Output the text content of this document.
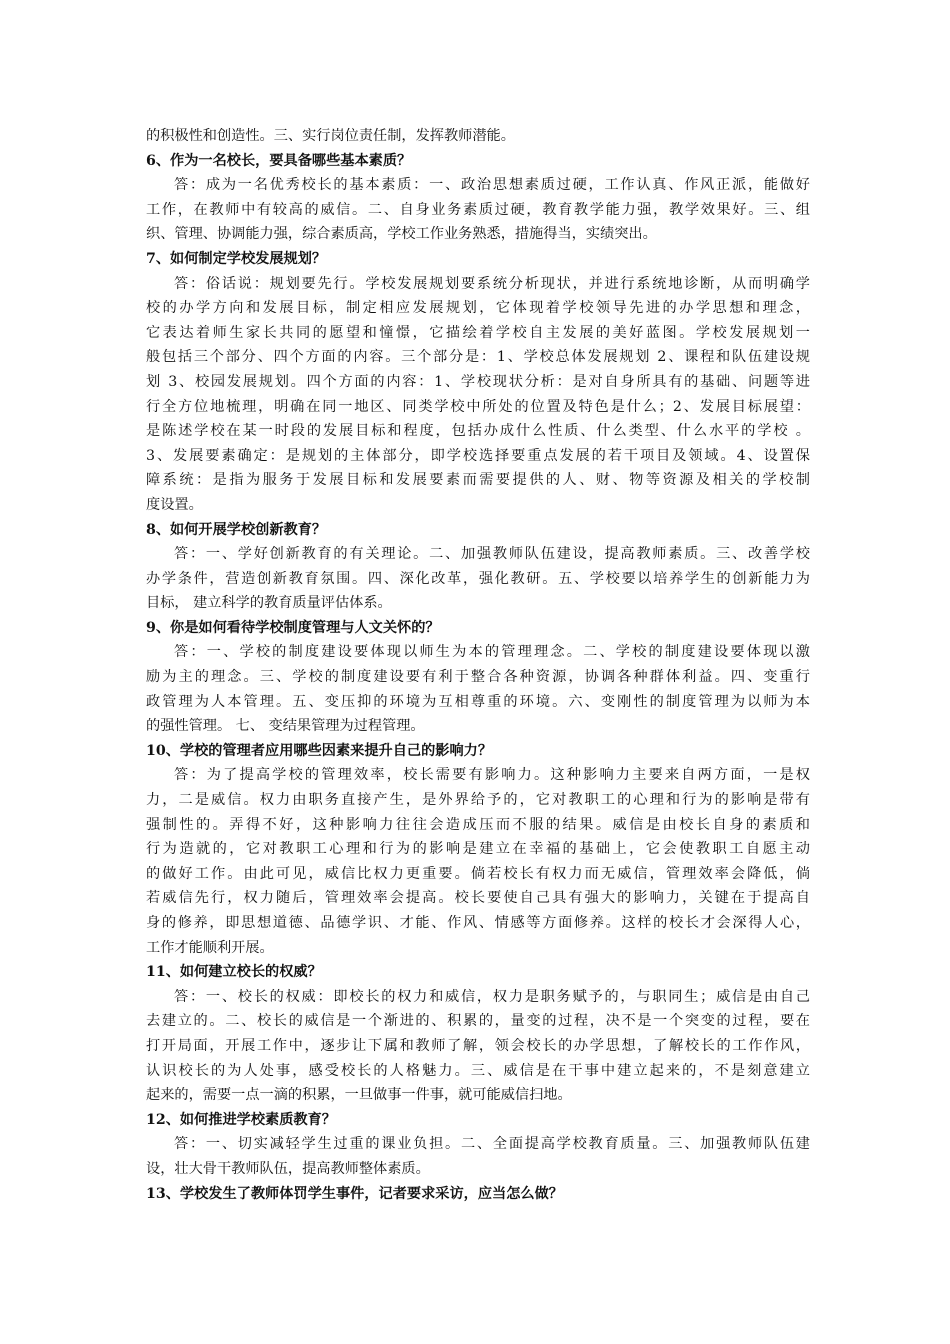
的积极性和创造性。三、实行岗位责任制，发挥教师潜能。
6、作为一名校长，要具备哪些基本素质？
答：成为一名优秀校长的基本素质：一、政治思想素质过硬，工作认真、作风正派，能做好
工作，在教师中有较高的威信。二、自身业务素质过硬，教育教学能力强，教学效果好。三、组
织、管理、协调能力强，综合素质高，学校工作业务熟悉，措施得当，实绩突出。
7、如何制定学校发展规划？
答：俗话说：规划要先行。学校发展规划要系统分析现状，并进行系统地诊断，从而明确学
校的办学方向和发展目标，制定相应发展规划，它体现着学校领导先进的办学思想和理念，
它表达着师生家长共同的愿望和憧憬，它描绘着学校自主发展的美好蓝图。学校发展规划一
般包括三个部分、四个方面的内容。三个部分是：1、学校总体发展规划 2、课程和队伍建设规
划 3、校园发展规划。四个方面的内容：1、学校现状分析：是对自身所具有的基础、问题等进
行全方位地梳理，明确在同一地区、同类学校中所处的位置及特色是什么；2、发展目标展望：
是陈述学校在某一时段的发展目标和程度，包括办成什么性质、什么类型、什么水平的学校 。
3、发展要素确定：是规划的主体部分，即学校选择要重点发展的若干项目及领域。4、设置保
障系统：是指为服务于发展目标和发展要素而需要提供的人、财、物等资源及相关的学校制
度设置。
8、如何开展学校创新教育？
答：一、学好创新教育的有关理论。二、加强教师队伍建设，提高教师素质。三、改善学校
办学条件，营造创新教育氛围。四、深化改革，强化教研。五、学校要以培养学生的创新能力为
目标， 建立科学的教育质量评估体系。
9、你是如何看待学校制度管理与人文关怀的？
答：一、学校的制度建设要体现以师生为本的管理理念。二、学校的制度建设要体现以激
励为主的理念。三、学校的制度建设要有利于整合各种资源，协调各种群体利益。四、变重行
政管理为人本管理。五、变压抑的环境为互相尊重的环境。六、变刚性的制度管理为以师为本
的强性管理。 七、 变结果管理为过程管理。
10、学校的管理者应用哪些因素来提升自己的影响力？
答：为了提高学校的管理效率，校长需要有影响力。这种影响力主要来自两方面，一是权
力，二是威信。权力由职务直接产生，是外界给予的，它对教职工的心理和行为的影响是带有
强制性的。弄得不好，这种影响力往往会造成压而不服的结果。威信是由校长自身的素质和
行为造就的，它对教职工心理和行为的影响是建立在幸福的基础上，它会使教职工自愿主动
的做好工作。由此可见，威信比权力更重要。倘若校长有权力而无威信，管理效率会降低，倘
若威信先行，权力随后，管理效率会提高。校长要使自己具有强大的影响力，关键在于提高自
身的修养，即思想道德、品德学识、才能、作风、情感等方面修养。这样的校长才会深得人心，
工作才能顺利开展。
11、如何建立校长的权威？
答：一、校长的权威：即校长的权力和威信，权力是职务赋予的，与职同生；威信是由自己
去建立的。二、校长的威信是一个渐进的、积累的，量变的过程，决不是一个突变的过程，要在
打开局面，开展工作中，逐步让下属和教师了解，领会校长的办学思想，了解校长的工作作风，
认识校长的为人处事，感受校长的人格魅力。三、威信是在干事中建立起来的，不是刻意建立
起来的，需要一点一滴的积累，一旦做事一件事，就可能威信扫地。
12、如何推进学校素质教育？
答：一、切实减轻学生过重的课业负担。二、全面提高学校教育质量。三、加强教师队伍建
设，壮大骨干教师队伍，提高教师整体素质。
13、学校发生了教师体罚学生事件，记者要求采访，应当怎么做？
